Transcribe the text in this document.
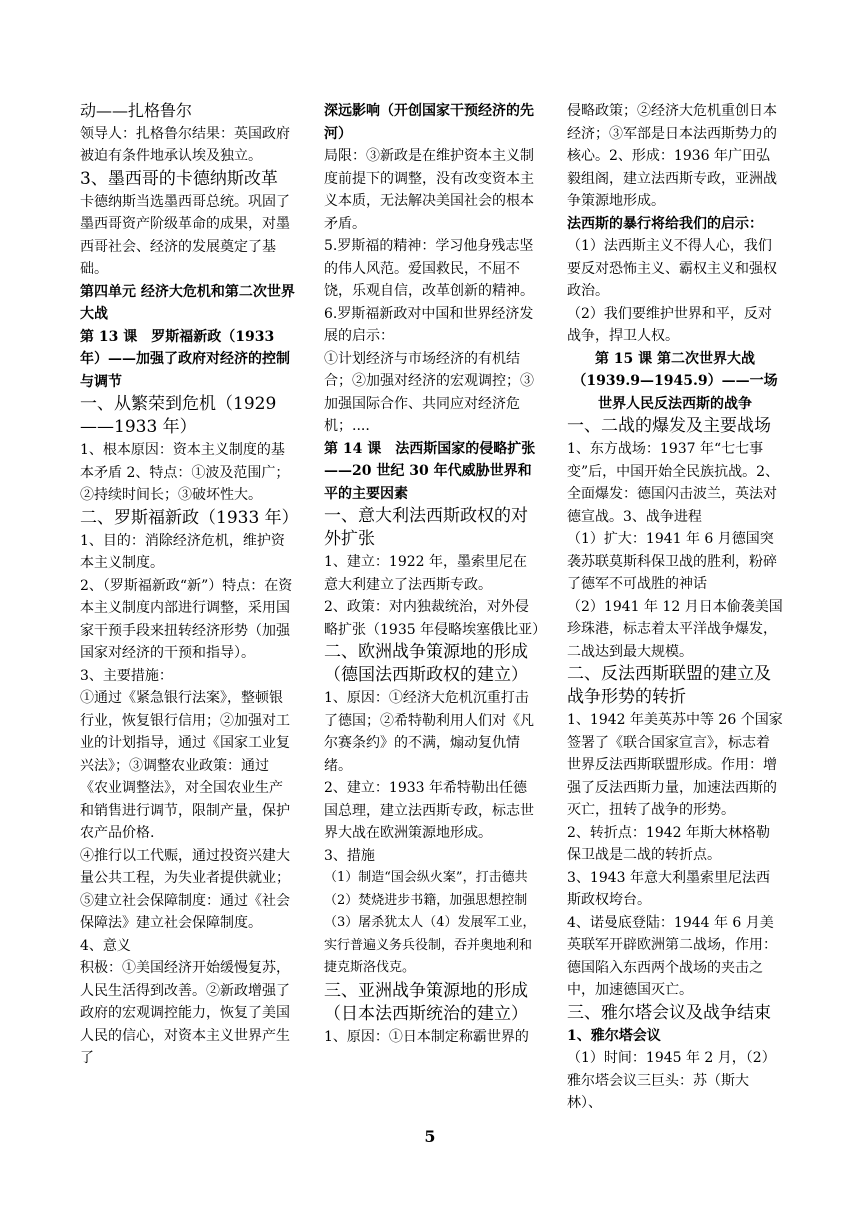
动——扎格鲁尔

领导人：扎格鲁尔结果：英国政府被迫有条件地承认埃及独立。

3、墨西哥的卡德纳斯改革

卡德纳斯当选墨西哥总统。巩固了墨西哥资产阶级革命的成果，对墨西哥社会、经济的发展奠定了基础。

第四单元 经济大危机和第二次世界大战

第 13 课　罗斯福新政（1933 年）——加强了政府对经济的控制与调节

一、从繁荣到危机（1929——1933 年）

1、根本原因：资本主义制度的基本矛盾 2、特点：①波及范围广；②持续时间长；③破坏性大。

二、罗斯福新政（1933 年）

1、目的：消除经济危机，维护资本主义制度。

2、（罗斯福新政“新”）特点：在资本主义制度内部进行调整，采用国家干预手段来扭转经济形势（加强国家对经济的干预和指导）。

3、主要措施：

①通过《紧急银行法案》，整顿银行业，恢复银行信用；②加强对工业的计划指导，通过《国家工业复兴法》；③调整农业政策：通过《农业调整法》，对全国农业生产和销售进行调节，限制产量，保护农产品价格.

④推行以工代赈，通过投资兴建大量公共工程，为失业者提供就业；⑤建立社会保障制度：通过《社会保障法》建立社会保障制度。

4、意义

积极：①美国经济开始缓慢复苏，人民生活得到改善。②新政增强了政府的宏观调控能力，恢复了美国人民的信心，对资本主义世界产生了

深远影响（开创国家干预经济的先河）

局限：③新政是在维护资本主义制度前提下的调整，没有改变资本主义本质，无法解决美国社会的根本矛盾。

5.罗斯福的精神：学习他身残志坚的伟人风范。爱国救民，不屈不饶，乐观自信，改革创新的精神。

6.罗斯福新政对中国和世界经济发展的启示：

①计划经济与市场经济的有机结合；②加强对经济的宏观调控；③加强国际合作、共同应对经济危机；....

第 14 课　法西斯国家的侵略扩张——20 世纪 30 年代威胁世界和平的主要因素

一、意大利法西斯政权的对外扩张

1、建立：1922 年，墨索里尼在意大利建立了法西斯专政。

2、政策：对内独裁统治，对外侵略扩张（1935 年侵略埃塞俄比亚）

二、欧洲战争策源地的形成（德国法西斯政权的建立）

1、原因：①经济大危机沉重打击了德国；②希特勒利用人们对《凡尔赛条约》的不满，煽动复仇情绪。

2、建立：1933 年希特勒出任德国总理，建立法西斯专政，标志世界大战在欧洲策源地形成。

3、措施

（1）制造“国会纵火案”，打击德共（2）焚烧进步书籍，加强思想控制（3）屠杀犹太人（4）发展军工业，实行普遍义务兵役制，吞并奥地利和捷克斯洛伐克。

三、亚洲战争策源地的形成（日本法西斯统治的建立）

1、原因：①日本制定称霸世界的

侵略政策；②经济大危机重创日本经济；③军部是日本法西斯势力的核心。2、形成：1936 年广田弘毅组阁，建立法西斯专政，亚洲战争策源地形成。

法西斯的暴行将给我们的启示：

（1）法西斯主义不得人心，我们要反对恐怖主义、霸权主义和强权政治。

（2）我们要维护世界和平，反对战争，捍卫人权。

第 15 课 第二次世界大战（1939.9—1945.9）——一场世界人民反法西斯的战争

一、二战的爆发及主要战场

1、东方战场：1937 年“七七事变”后，中国开始全民族抗战。2、全面爆发：德国闪击波兰，英法对德宣战。3、战争进程

（1）扩大：1941 年 6 月德国突袭苏联莫斯科保卫战的胜利，粉碎了德军不可战胜的神话

（2）1941 年 12 月日本偷袭美国珍珠港，标志着太平洋战争爆发，二战达到最大规模。

二、反法西斯联盟的建立及战争形势的转折

1、1942 年美英苏中等 26 个国家签署了《联合国家宣言》，标志着世界反法西斯联盟形成。作用：增强了反法西斯力量，加速法西斯的灭亡，扭转了战争的形势。

2、转折点：1942 年斯大林格勒保卫战是二战的转折点。

3、1943 年意大利墨索里尼法西斯政权垮台。

4、诺曼底登陆：1944 年 6 月美英联军开辟欧洲第二战场，作用：德国陷入东西两个战场的夹击之中，加速德国灭亡。

三、雅尔塔会议及战争结束

1、雅尔塔会议

（1）时间：1945 年 2 月，（2）雅尔塔会议三巨头：苏（斯大林）、

5
